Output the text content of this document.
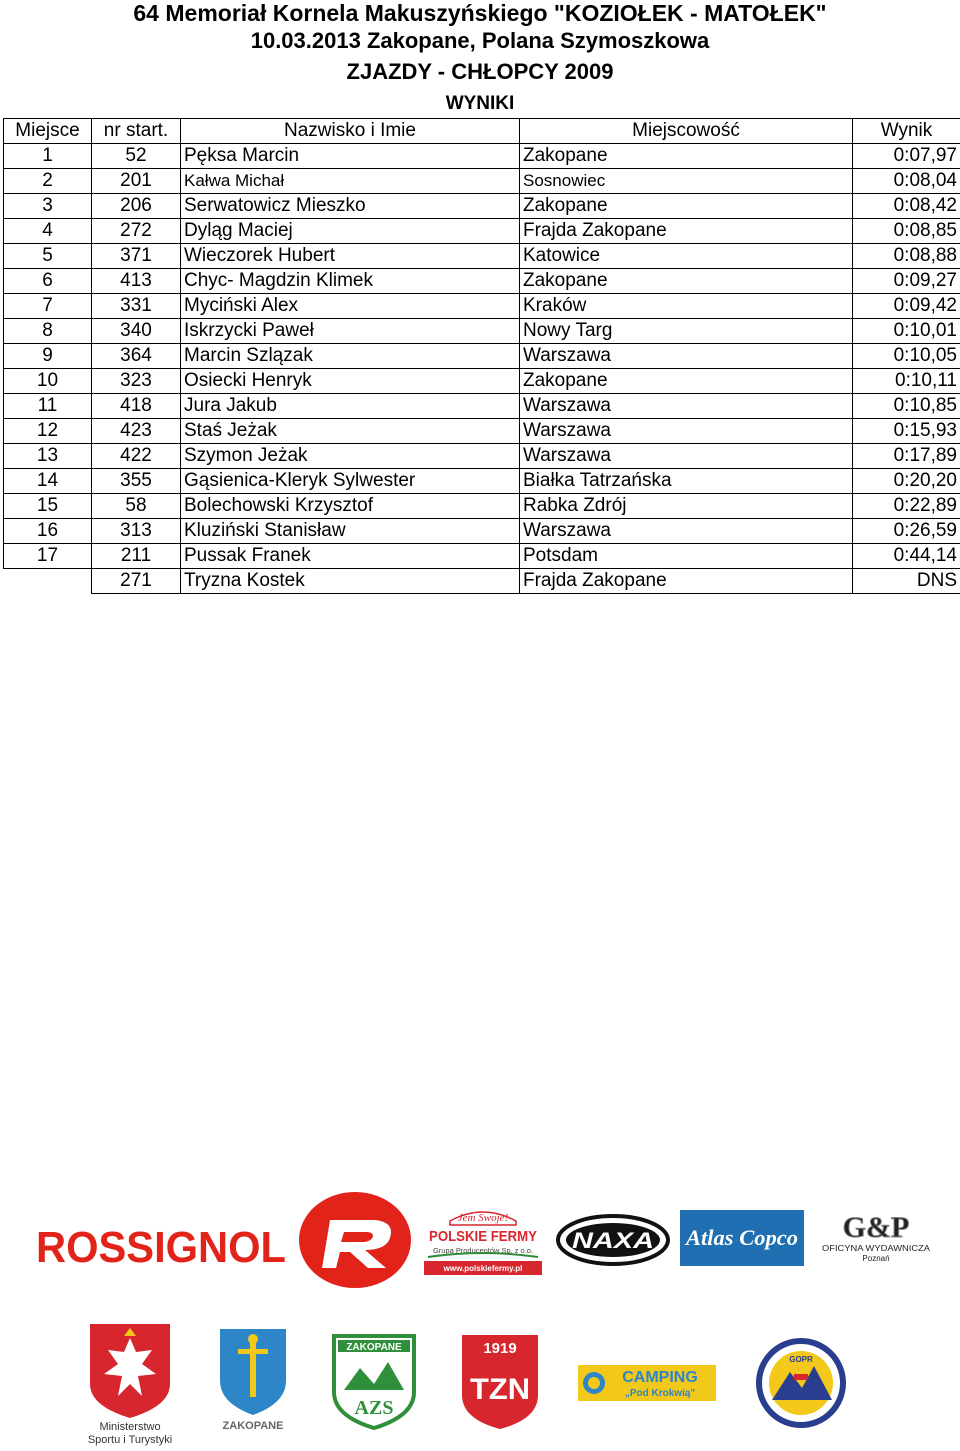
64 Memoriał Kornela Makuszyńskiego "KOZIOŁEK - MATOŁEK"
10.03.2013 Zakopane, Polana Szymoszkowa
ZJAZDY - CHŁOPCY 2009
WYNIKI
Miejsce	nr start.	Nazwisko i Imie	Miejscowość	Wynik
1	52	Pęksa Marcin	Zakopane	0:07,97
2	201	Kałwa Michał	Sosnowiec	0:08,04
3	206	Serwatowicz Mieszko	Zakopane	0:08,42
4	272	Dyląg Maciej	Frajda Zakopane	0:08,85
5	371	Wieczorek Hubert	Katowice	0:08,88
6	413	Chyc- Magdzin Klimek	Zakopane	0:09,27
7	331	Myciński Alex	Kraków	0:09,42
8	340	Iskrzycki Paweł	Nowy Targ	0:10,01
9	364	Marcin Szlązak	Warszawa	0:10,05
10	323	Osiecki Henryk	Zakopane	0:10,11
11	418	Jura Jakub	Warszawa	0:10,85
12	423	Staś Jeżak	Warszawa	0:15,93
13	422	Szymon Jeżak	Warszawa	0:17,89
14	355	Gąsienica-Kleryk Sylwester	Białka Tatrzańska	0:20,20
15	58	Bolechowski Krzysztof	Rabka Zdrój	0:22,89
16	313	Kluziński Stanisław	Warszawa	0:26,59
17	211	Pussak Franek	Potsdam	0:44,14
	271	Tryzna Kostek	Frajda Zakopane	DNS
ROSSIGNOL
Jem Swoje!
POLSKIE FERMY
Grupa Producentów Sp. z o.o.
www.polskiefermy.pl
NAXA Atlas Copco G&P
OFICYNA WYDAWNICZA
Poznań
Ministerstwo
Sportu i Turystyki
ZAKOPANE
ZAKOPANE
AZS
1919
TZN	CAMPING
„Pod Krokwią"
GOPR
